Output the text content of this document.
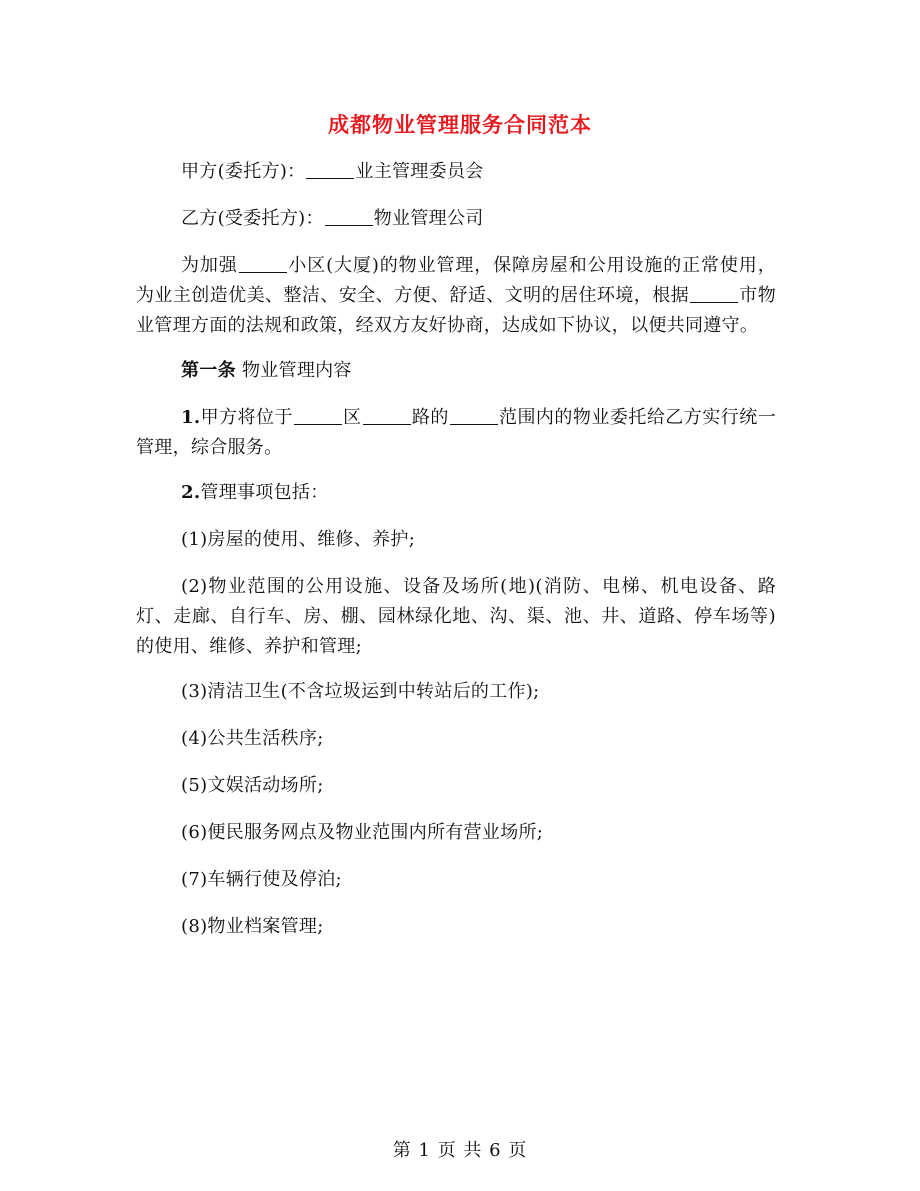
成都物业管理服务合同范本

甲方(委托方)：	业主管理委员会

乙方(受委托方)：	物业管理公司

为加强	小区(大厦)的物业管理，保障房屋和公用设施的正常使用，为业主创造优美、整洁、安全、方便、舒适、文明的居住环境，根据	市物业管理方面的法规和政策，经双方友好协商，达成如下协议，以便共同遵守。

第一条 物业管理内容

1.甲方将位于	区	路的	范围内的物业委托给乙方实行统一管理，综合服务。

2.管理事项包括：

(1)房屋的使用、维修、养护;

(2)物业范围的公用设施、设备及场所(地)(消防、电梯、机电设备、路灯、走廊、自行车、房、棚、园林绿化地、沟、渠、池、井、道路、停车场等)的使用、维修、养护和管理;

(3)清洁卫生(不含垃圾运到中转站后的工作);

(4)公共生活秩序;

(5)文娱活动场所;

(6)便民服务网点及物业范围内所有营业场所;

(7)车辆行使及停泊;

(8)物业档案管理;

第 1 页 共 6 页
